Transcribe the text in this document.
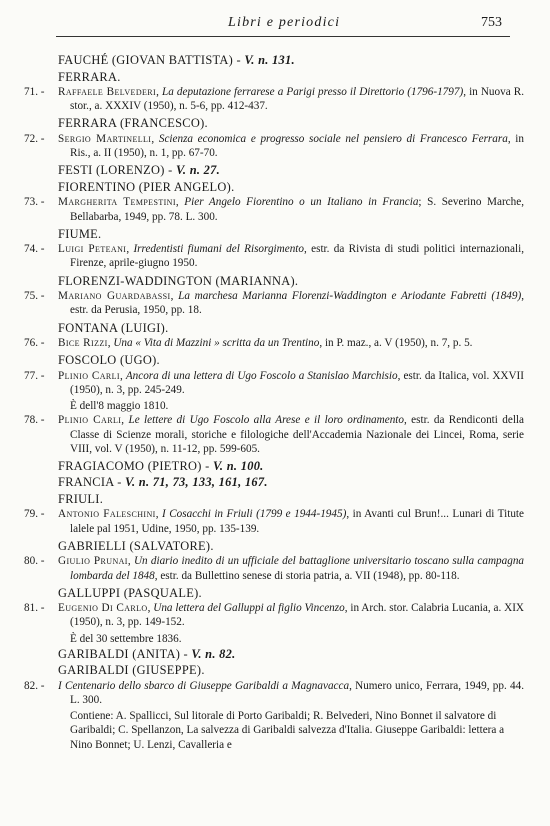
Libri e periodici	753
FAUCHÉ (GIOVAN BATTISTA) - V. n. 131.
FERRARA.
71. -	Raffaele Belvederi, La deputazione ferrarese a Parigi presso il Direttorio (1796-1797), in Nuova R. stor., a. XXXIV (1950), n. 5-6, pp. 412-437.
FERRARA (FRANCESCO).
72. -	Sergio Martinelli, Scienza economica e progresso sociale nel pensiero di Francesco Ferrara, in Ris., a. II (1950), n. 1, pp. 67-70.
FESTI (LORENZO) - V. n. 27.
FIORENTINO (PIER ANGELO).
73. -	Margherita Tempestini, Pier Angelo Fiorentino o un Italiano in Francia; S. Severino Marche, Bellabarba, 1949, pp. 78. L. 300.
FIUME.
74. -	Luigi Peteani, Irredentisti fiumani del Risorgimento, estr. da Rivista di studi politici internazionali, Firenze, aprile-giugno 1950.
FLORENZI-WADDINGTON (MARIANNA).
75. -	Mariano Guardabassi, La marchesa Marianna Florenzi-Waddington e Ariodante Fabretti (1849), estr. da Perusia, 1950, pp. 18.
FONTANA (LUIGI).
76. -	Bice Rizzi, Una « Vita di Mazzini » scritta da un Trentino, in P. maz., a. V (1950), n. 7, p. 5.
FOSCOLO (UGO).
77. -	Plinio Carli, Ancora di una lettera di Ugo Foscolo a Stanislao Marchisio, estr. da Italica, vol. XXVII (1950), n. 3, pp. 245-249.
È dell'8 maggio 1810.
78. -	Plinio Carli, Le lettere di Ugo Foscolo alla Arese e il loro ordinamento, estr. da Rendiconti della Classe di Scienze morali, storiche e filologiche dell'Accademia Nazionale dei Lincei, Roma, serie VIII, vol. V (1950), n. 11-12, pp. 599-605.
FRAGIACOMO (PIETRO) - V. n. 100.
FRANCIA - V. n. 71, 73, 133, 161, 167.
FRIULI.
79. -	Antonio Faleschini, I Cosacchi in Friuli (1799 e 1944-1945), in Avanti cul Brun!... Lunari di Titute lalele pal 1951, Udine, 1950, pp. 135-139.
GABRIELLI (SALVATORE).
80. -	Giulio Prunai, Un diario inedito di un ufficiale del battaglione universitario toscano sulla campagna lombarda del 1848, estr. da Bullettino senese di storia patria, a. VII (1948), pp. 80-118.
GALLUPPI (PASQUALE).
81. -	Eugenio Di Carlo, Una lettera del Galluppi al figlio Vincenzo, in Arch. stor. Calabria Lucania, a. XIX (1950), n. 3, pp. 149-152.
È del 30 settembre 1836.
GARIBALDI (ANITA) - V. n. 82.
GARIBALDI (GIUSEPPE).
82. -	I Centenario dello sbarco di Giuseppe Garibaldi a Magnavacca, Numero unico, Ferrara, 1949, pp. 44. L. 300.
Contiene: A. Spallicci, Sul litorale di Porto Garibaldi; R. Belvederi, Nino Bonnet il salvatore di Garibaldi; C. Spellanzon, La salvezza di Garibaldi salvezza d'Italia. Giuseppe Garibaldi: lettera a Nino Bonnet; U. Lenzi, Cavalleria e
